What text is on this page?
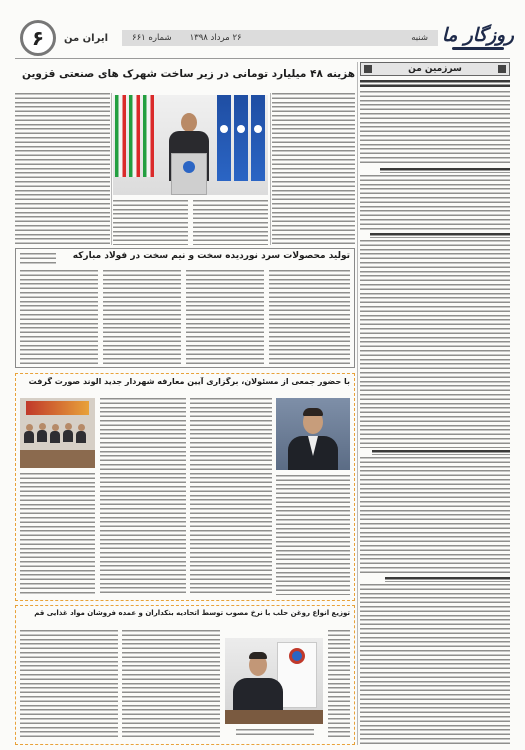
۶	ایران من	شنبه
۲۶ مرداد ۱۳۹۸
شماره ۶۶۱	روزگار ما
سرزمین من
هزینه ۴۸ میلیارد تومانی در زیر ساخت شهرک های صنعتی قزوین
تولید محصولات سرد نوردیده سخت و نیم سخت در فولاد مبارکه
با حضور جمعی از مسئولان، برگزاری آیین معارفه شهردار جدید الوند صورت گرفت
توزیع انواع روغن حلب با نرخ مصوب توسط اتحادیه بنکداران و عمده فروشان مواد غذایی قم
